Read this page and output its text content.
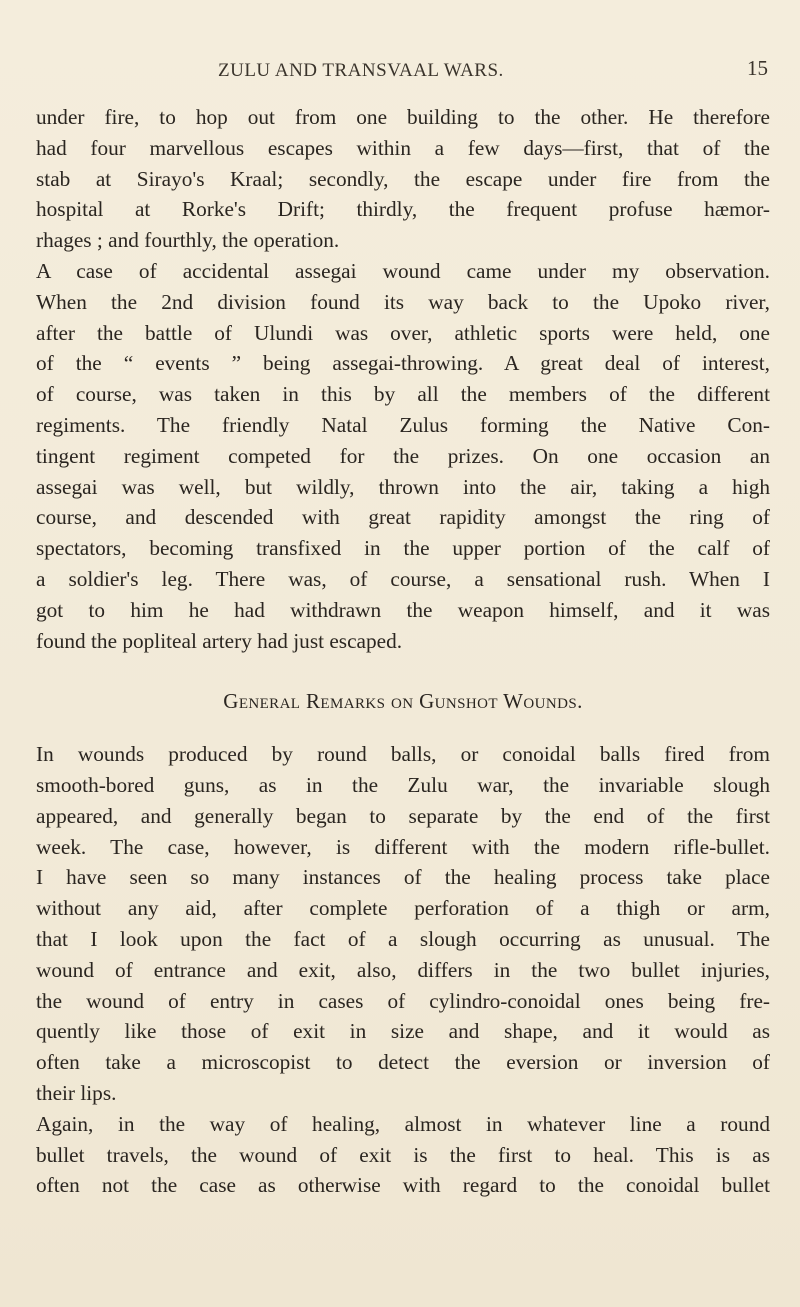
ZULU AND TRANSVAAL WARS.	15
under fire, to hop out from one building to the other. He therefore
had four marvellous escapes within a few days—first, that of the
stab at Sirayo's Kraal; secondly, the escape under fire from the
hospital at Rorke's Drift; thirdly, the frequent profuse hæmor-
rhages ; and fourthly, the operation.
A case of accidental assegai wound came under my observation.
When the 2nd division found its way back to the Upoko river,
after the battle of Ulundi was over, athletic sports were held, one
of the “ events ” being assegai-throwing. A great deal of interest,
of course, was taken in this by all the members of the different
regiments. The friendly Natal Zulus forming the Native Con-
tingent regiment competed for the prizes. On one occasion an
assegai was well, but wildly, thrown into the air, taking a high
course, and descended with great rapidity amongst the ring of
spectators, becoming transfixed in the upper portion of the calf of
a soldier's leg. There was, of course, a sensational rush. When I
got to him he had withdrawn the weapon himself, and it was
found the popliteal artery had just escaped.
General Remarks on Gunshot Wounds.
In wounds produced by round balls, or conoidal balls fired from
smooth-bored guns, as in the Zulu war, the invariable slough
appeared, and generally began to separate by the end of the first
week. The case, however, is different with the modern rifle-bullet.
I have seen so many instances of the healing process take place
without any aid, after complete perforation of a thigh or arm,
that I look upon the fact of a slough occurring as unusual. The
wound of entrance and exit, also, differs in the two bullet injuries,
the wound of entry in cases of cylindro-conoidal ones being fre-
quently like those of exit in size and shape, and it would as
often take a microscopist to detect the eversion or inversion of
their lips.
Again, in the way of healing, almost in whatever line a round
bullet travels, the wound of exit is the first to heal. This is as
often not the case as otherwise with regard to the conoidal bullet
